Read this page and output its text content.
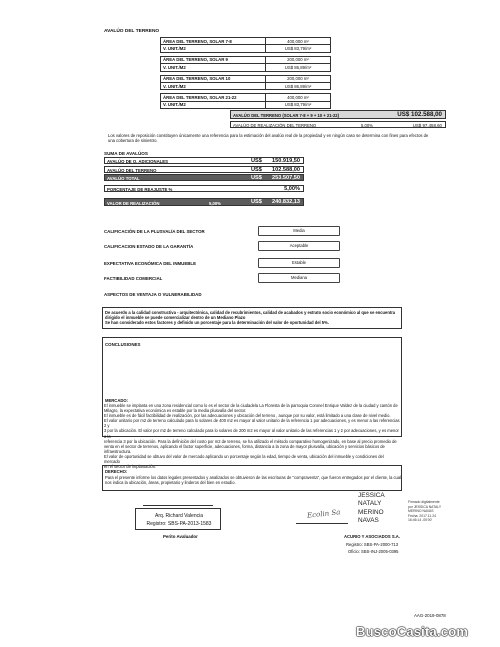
AVALÚO DEL TERRENO
ÁREA DEL TERRENO, SOLAR 7-8	400,000 m²
V. UNIT./M2	US$ 83,79/m²
ÁREA DEL TERRENO, SOLAR 9	200,000 m²
V. UNIT./M2	US$ 86,89/m²
ÁREA DEL TERRENO, SOLAR 10	200,000 m²
V. UNIT./M2	US$ 86,89/m²
ÁREA DEL TERRENO, SOLAR 21-22	400,000 m²
V. UNIT./M2	US$ 83,79/m²
AVALÚO DEL TERRENO (SOLAR 7-8 + 9 + 10 + 21-22)	US$ 102.588,00
AVALÚO DE REALIZACIÓN DEL TERRENO	5,00%	US$ 97.458,60
Los valores de reposición constituyen únicamente una referencia para la estimación del avalúo real de la propiedad y en ningún caso se determina con fines para efectos de una cobertura de siniestro.
SUMA DE AVALÚOS
AVALÚO DE O. ADICIONALES	US$ 150.919,50
AVALÚO DEL TERRENO	US$ 102.588,00
AVALÚO TOTAL	US$ 253.507,50
PORCENTAJE DE REAJUSTE %	5,00%
VALOR DE REALIZACIÓN	5,00%	US$ 240.832,13
CALIFICACIÓN DE LA PLUSVALÍA DEL SECTOR	Media
CALIFICACION ESTADO DE LA GARANTÍA	Aceptable
EXPECTATIVA ECONÓMICA DEL INMUEBLE	Estable
FACTIBILIDAD COMERCIAL	Mediana
ASPECTOS DE VENTAJA O VULNERABILIDAD
De acuerdo a la calidad constructiva - arquitectónica, calidad de recubrimientos, calidad de acabados y estrato socio económico al que se encuentra
dirigido el inmueble se puede comercializar dentro de un Mediano Plazo
Se han considerado estos factores y definido un porcentaje para la determinación del valor de oportunidad del 5%.
CONCLUSIONES
MERCADO:
El inmueble se implanta en una zona residencial como lo es el sector de la ciudadela La Floresta de la parroquia Coronel Enrique Valdez de la ciudad y cantón de
Milagro, la expectativa económica es estable por la media plusvalía del sector.
El inmueble es de fácil factibilidad de realización, por las adecuaciones y ubicación del terreno , aunque por su valor, está limitado a una clase de nivel medio.
El valor unitario por m2 de terreno calculado para lo solares de 400 m2 es mayor al valor unitario de la referencia 1 por adecuaciones, y es menor a las referencias 2 y
3 por la ubicación. El valor por m2 de terreno calculado para lo solares de 200 m2 es mayor al valor unitario de las referencias 1 y 2 por adecuaciones, y es menor a la
referencia 3 por la ubicación. Para la definición del costo por m2 de terreno, se ha utilizado el método comparativo homogenizado, en base al precio promedio de
venta en el sector de terrenos, aplicando el factor superficie, adecuaciones, forma, distancia a la zona de mayor plusvalía, ubicación y servicios básicos de
infraestructura.
El valor de oportunidad se obtuvo del valor de mercado aplicando un porcentaje según la edad, tiempo de venta, ubicación del inmueble y condiciones del mercado
en el sector de implantación.
DERECHO:
Para el presente informe los datos legales presentados y analizados se obtuvieron de las escrituras de "compraventa", que fueron entregados por el cliente, la cual
nos indica la ubicación, áreas, propietario y linderos del bien en estudio.
Arq. Richard Valencia
Registro: SBS-PA-2013-1583
Perito Avaluador
Ecolin Sa
JESSICA
NATALY
MERINO
NAVAS
Firmado digitalmente
por JESSICA NATALY
MERINO NAVAS
Fecha: 2017.11.24
16:46:14 -05'00'
ACURIO Y ASOCIADOS S.A.
Registro: SBS-PA-2000-713
Oficio: SBS-INJ-2005-0395
AAG-2019-0878
BuscoCasita.com
